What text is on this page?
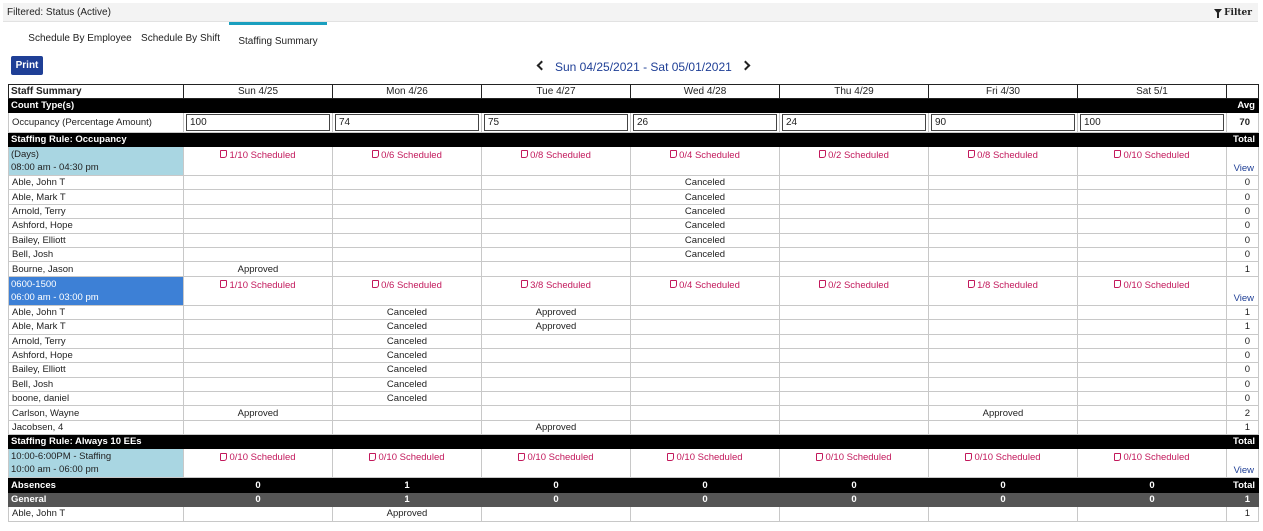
Filtered: Status (Active)	Filter
Schedule By Employee Schedule By Shift	Staffing Summary
Print	Sun 04/25/2021 - Sat 05/01/2021
Staff Summary	Sun 4/25	Mon 4/26	Tue 4/27	Wed 4/28	Thu 4/29	Fri 4/30	Sat 5/1	
Count Type(s)								Avg
Occupancy (Percentage Amount)	100	74	75	26	24	90	100	70
Staffing Rule: Occupancy								Total

(Days)
08:00 am - 04:30 pm	1/10 Scheduled	0/6 Scheduled	0/8 Scheduled	0/4 Scheduled	0/2 Scheduled	0/8 Scheduled	0/10 Scheduled	View
Able, John T				Canceled				0
Able, Mark T				Canceled				0
Arnold, Terry				Canceled				0
Ashford, Hope				Canceled				0
Bailey, Elliott				Canceled				0
Bell, Josh				Canceled				0
Bourne, Jason	Approved							1

0600-1500
06:00 am - 03:00 pm	1/10 Scheduled	0/6 Scheduled	3/8 Scheduled	0/4 Scheduled	0/2 Scheduled	1/8 Scheduled	0/10 Scheduled	View
Able, John T		Canceled	Approved					1
Able, Mark T		Canceled	Approved					1
Arnold, Terry		Canceled						0
Ashford, Hope		Canceled						0
Bailey, Elliott		Canceled						0
Bell, Josh		Canceled						0
boone, daniel		Canceled						0
Carlson, Wayne	Approved					Approved		2
Jacobsen, 4			Approved					1
Staffing Rule: Always 10 EEs								Total

10:00-6:00PM - Staffing
10:00 am - 06:00 pm	0/10 Scheduled	0/10 Scheduled	0/10 Scheduled	0/10 Scheduled	0/10 Scheduled	0/10 Scheduled	0/10 Scheduled	View
Absences	0	1	0	0	0	0	0	Total
General	0	1	0	0	0	0	0	1
Able, John T		Approved						1
